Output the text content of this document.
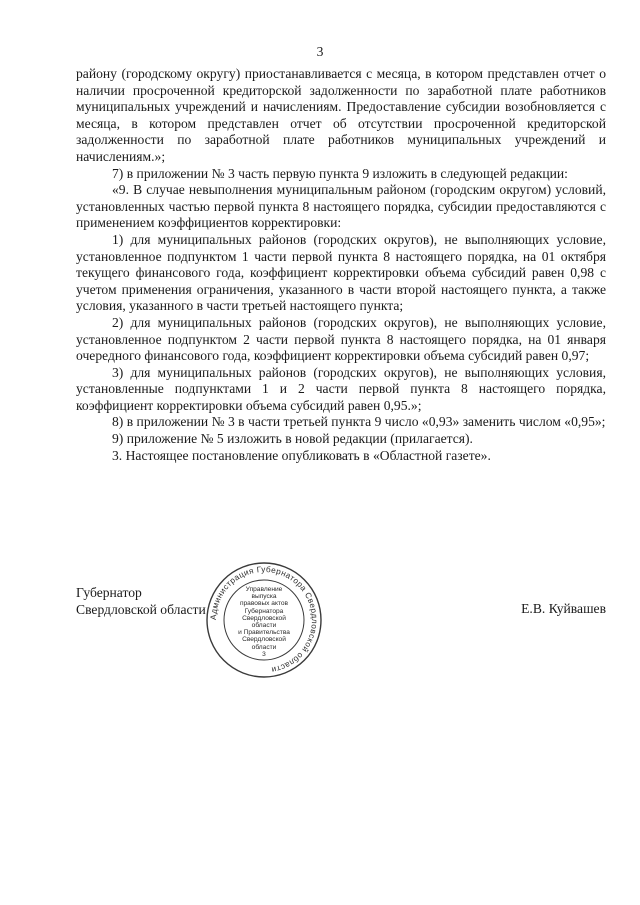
3

району (городскому округу) приостанавливается с месяца, в котором представлен отчет о наличии просроченной кредиторской задолженности по заработной плате работников муниципальных учреждений и начислениям. Предоставление субсидии возобновляется с месяца, в котором представлен отчет об отсутствии просроченной кредиторской задолженности по заработной плате работников муниципальных учреждений и начислениям.»;

7) в приложении № 3 часть первую пункта 9 изложить в следующей редакции:

«9. В случае невыполнения муниципальным районом (городским округом) условий, установленных частью первой пункта 8 настоящего порядка, субсидии предоставляются с применением коэффициентов корректировки:

1) для муниципальных районов (городских округов), не выполняющих условие, установленное подпунктом 1 части первой пункта 8 настоящего порядка, на 01 октября текущего финансового года, коэффициент корректировки объема субсидий равен 0,98 с учетом применения ограничения, указанного в части второй настоящего пункта, а также условия, указанного в части третьей настоящего пункта;

2) для муниципальных районов (городских округов), не выполняющих условие, установленное подпунктом 2 части первой пункта 8 настоящего порядка, на 01 января очередного финансового года, коэффициент корректировки объема субсидий равен 0,97;

3) для муниципальных районов (городских округов), не выполняющих условия, установленные подпунктами 1 и 2 части первой пункта 8 настоящего порядка, коэффициент корректировки объема субсидий равен 0,95.»;

8) в приложении № 3 в части третьей пункта 9 число «0,93» заменить числом «0,95»;

9) приложение № 5 изложить в новой редакции (прилагается).

3. Настоящее постановление опубликовать в «Областной газете».

Губернатор
Свердловской области	Е.В. Куйвашев
Администрация Губернатора Свердловской области
Управление
выпуска
правовых актов
Губернатора
Свердловской области
и Правительства
Свердловской
области
3
